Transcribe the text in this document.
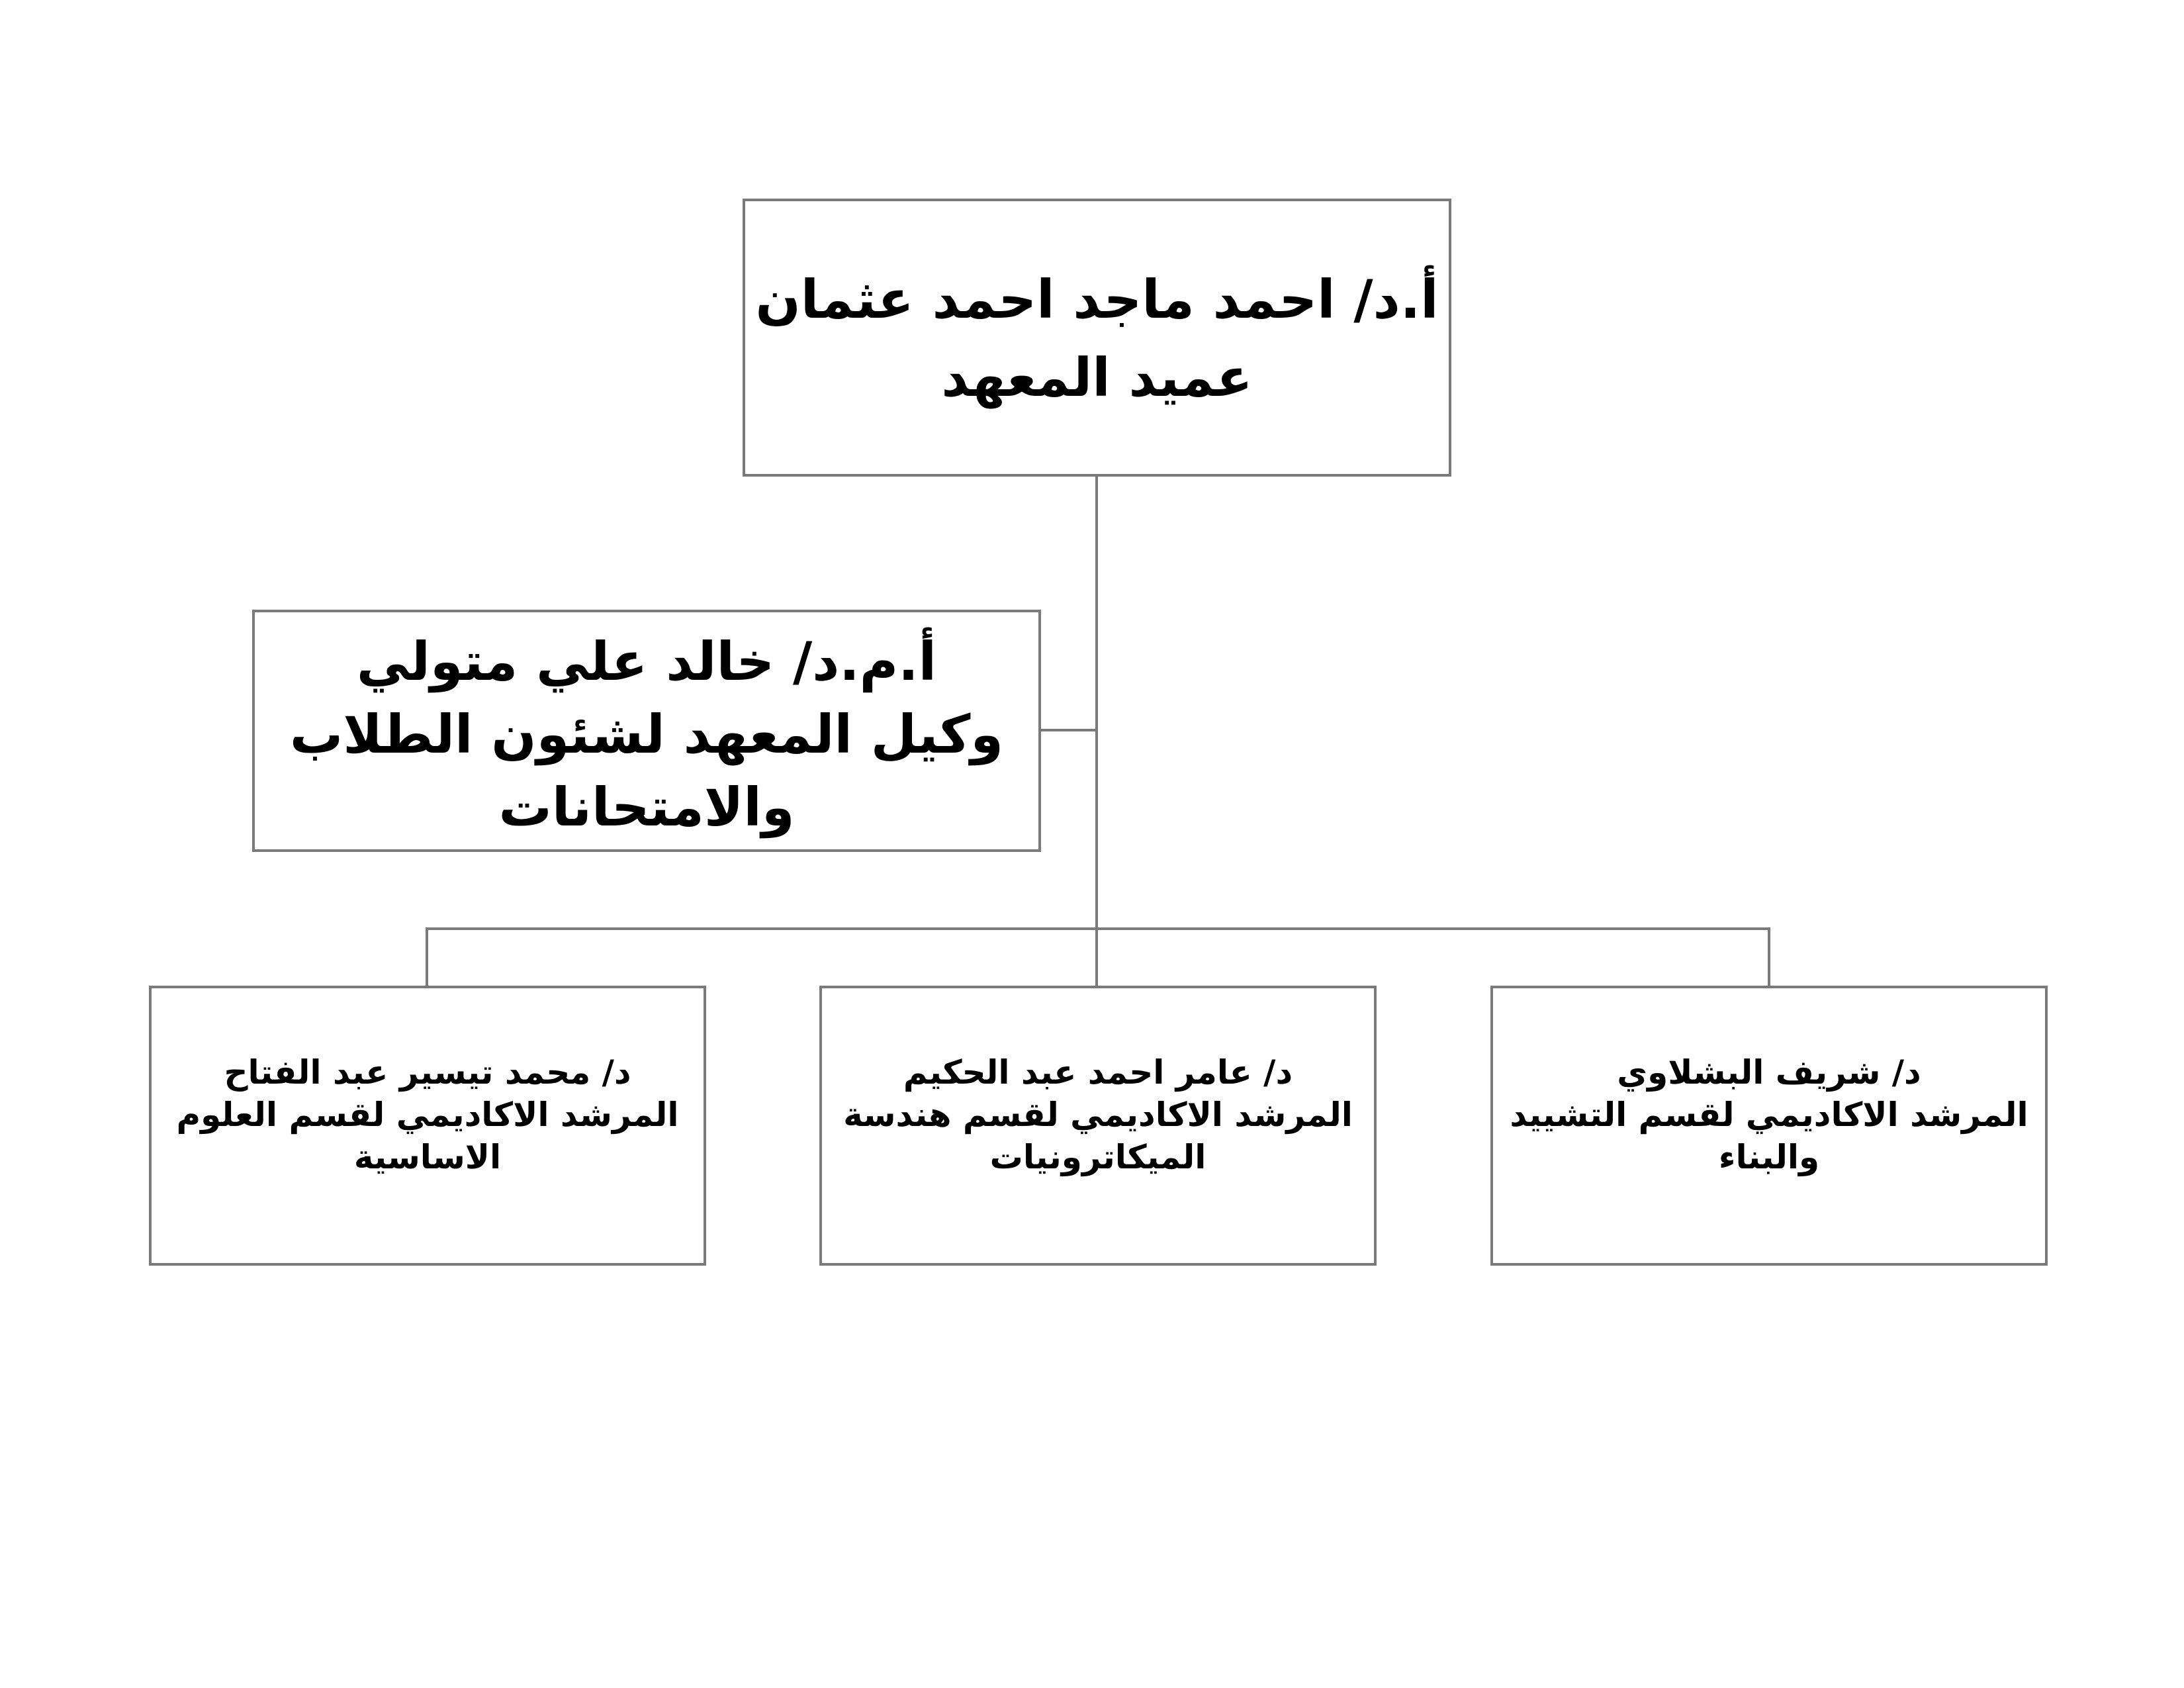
أ.د/ احمد ماجد احمد عثمان
عميد المعهد
أ.م.د/ خالد علي متولي
وكيل المعهد لشئون الطلاب
والامتحانات
د/ شريف البشلاوي
المرشد الاكاديمي لقسم التشييد
والبناء
د/ عامر احمد عبد الحكيم
المرشد الاكاديمي لقسم هندسة
الميكاترونيات
د/ محمد تيسير عبد الفتاح
المرشد الاكاديمي لقسم العلوم
الاساسية
